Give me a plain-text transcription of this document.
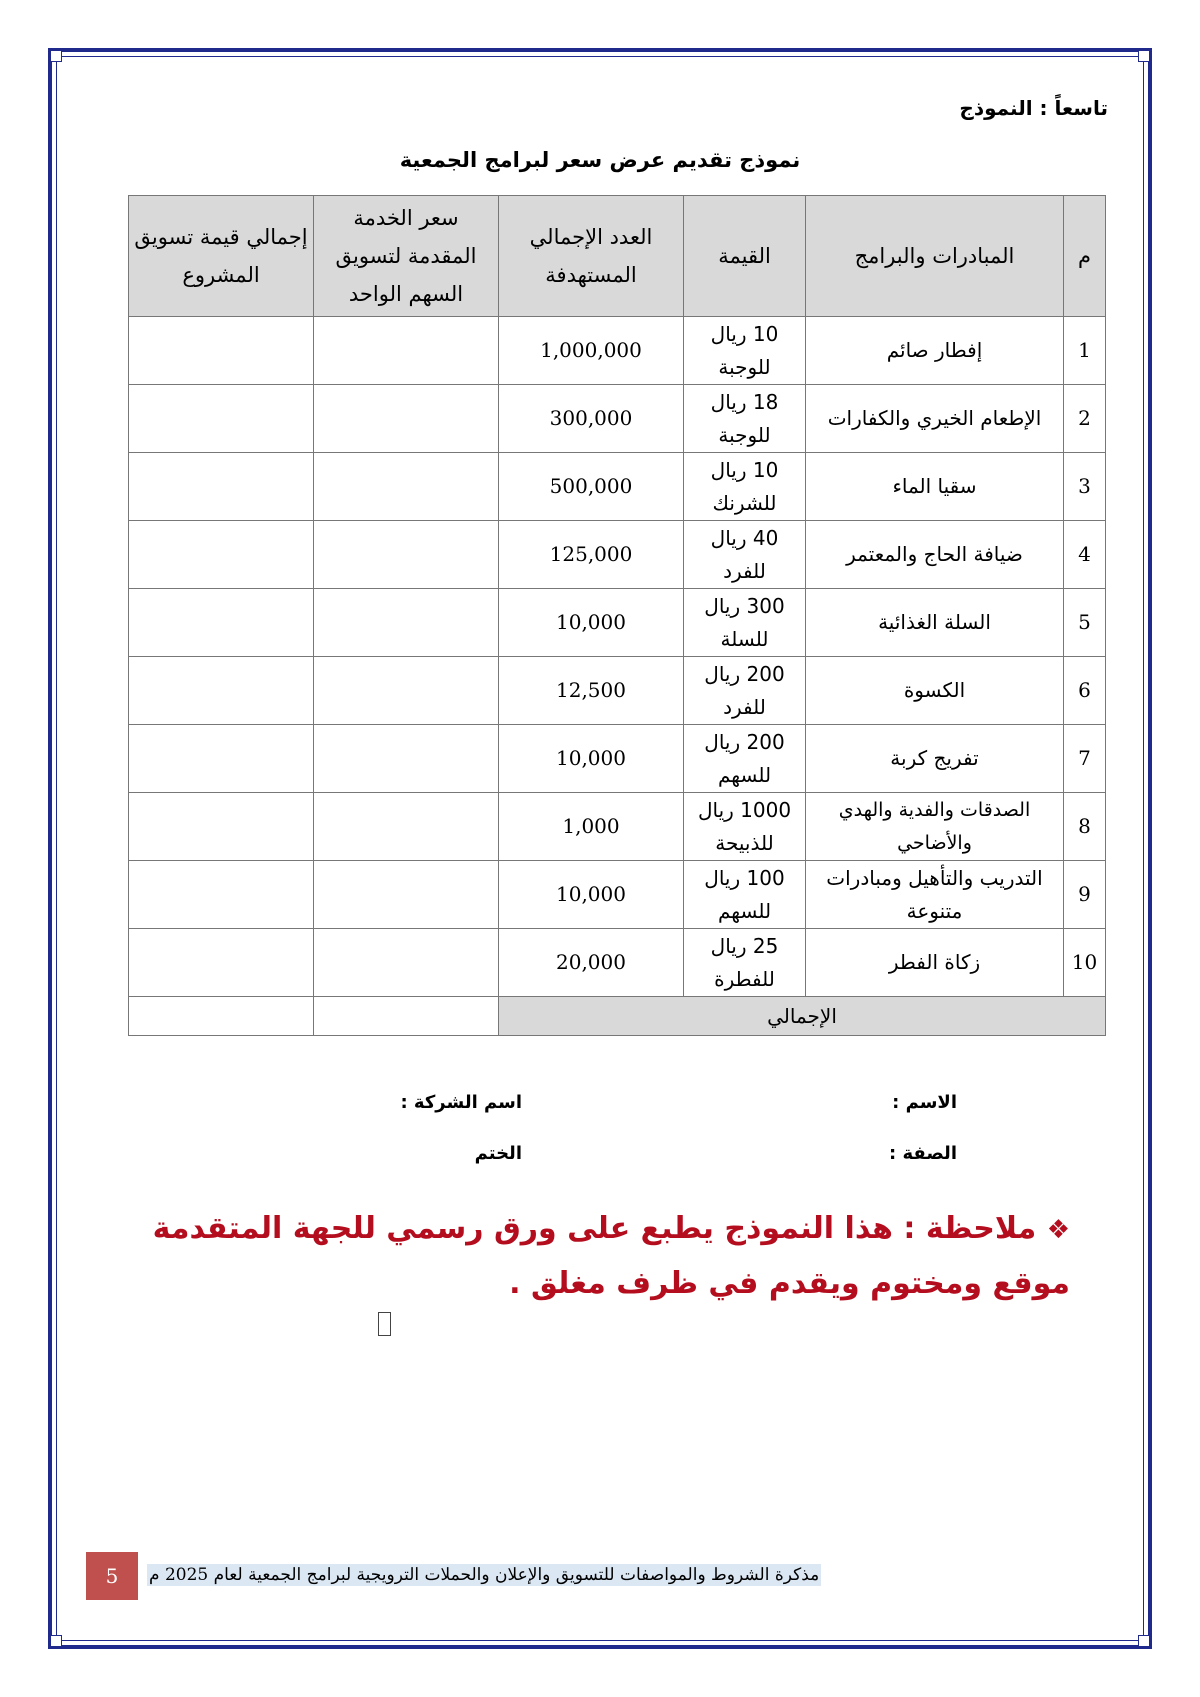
تاسعاً : النموذج
نموذج تقديم عرض سعر لبرامج الجمعية
م	المبادرات والبرامج	القيمة	العدد الإجمالي المستهدفة	سعر الخدمة المقدمة لتسويق السهم الواحد	إجمالي قيمة تسويق المشروع
1	إفطار صائم	10 ريال للوجبة	1,000,000		
2	الإطعام الخيري والكفارات	18 ريال للوجبة	300,000		
3	سقيا الماء	10 ريال للشرنك	500,000		
4	ضيافة الحاج والمعتمر	40 ريال للفرد	125,000		
5	السلة الغذائية	300 ريال للسلة	10,000		
6	الكسوة	200 ريال للفرد	12,500		
7	تفريج كربة	200 ريال للسهم	10,000		
8	الصدقات والفدية والهدي والأضاحي	1000 ريال للذبيحة	1,000		
9	التدريب والتأهيل ومبادرات متنوعة	100 ريال للسهم	10,000		
10	زكاة الفطر	25 ريال للفطرة	20,000		
الإجمالي					
الاسم :
اسم الشركة :
الصفة :
الختم
❖ ملاحظة : هذا النموذج يطبع على ورق رسمي للجهة المتقدمة موقع ومختوم ويقدم في ظرف مغلق .
5	مذكرة الشروط والمواصفات للتسويق والإعلان والحملات الترويجية لبرامج الجمعية لعام 2025 م
